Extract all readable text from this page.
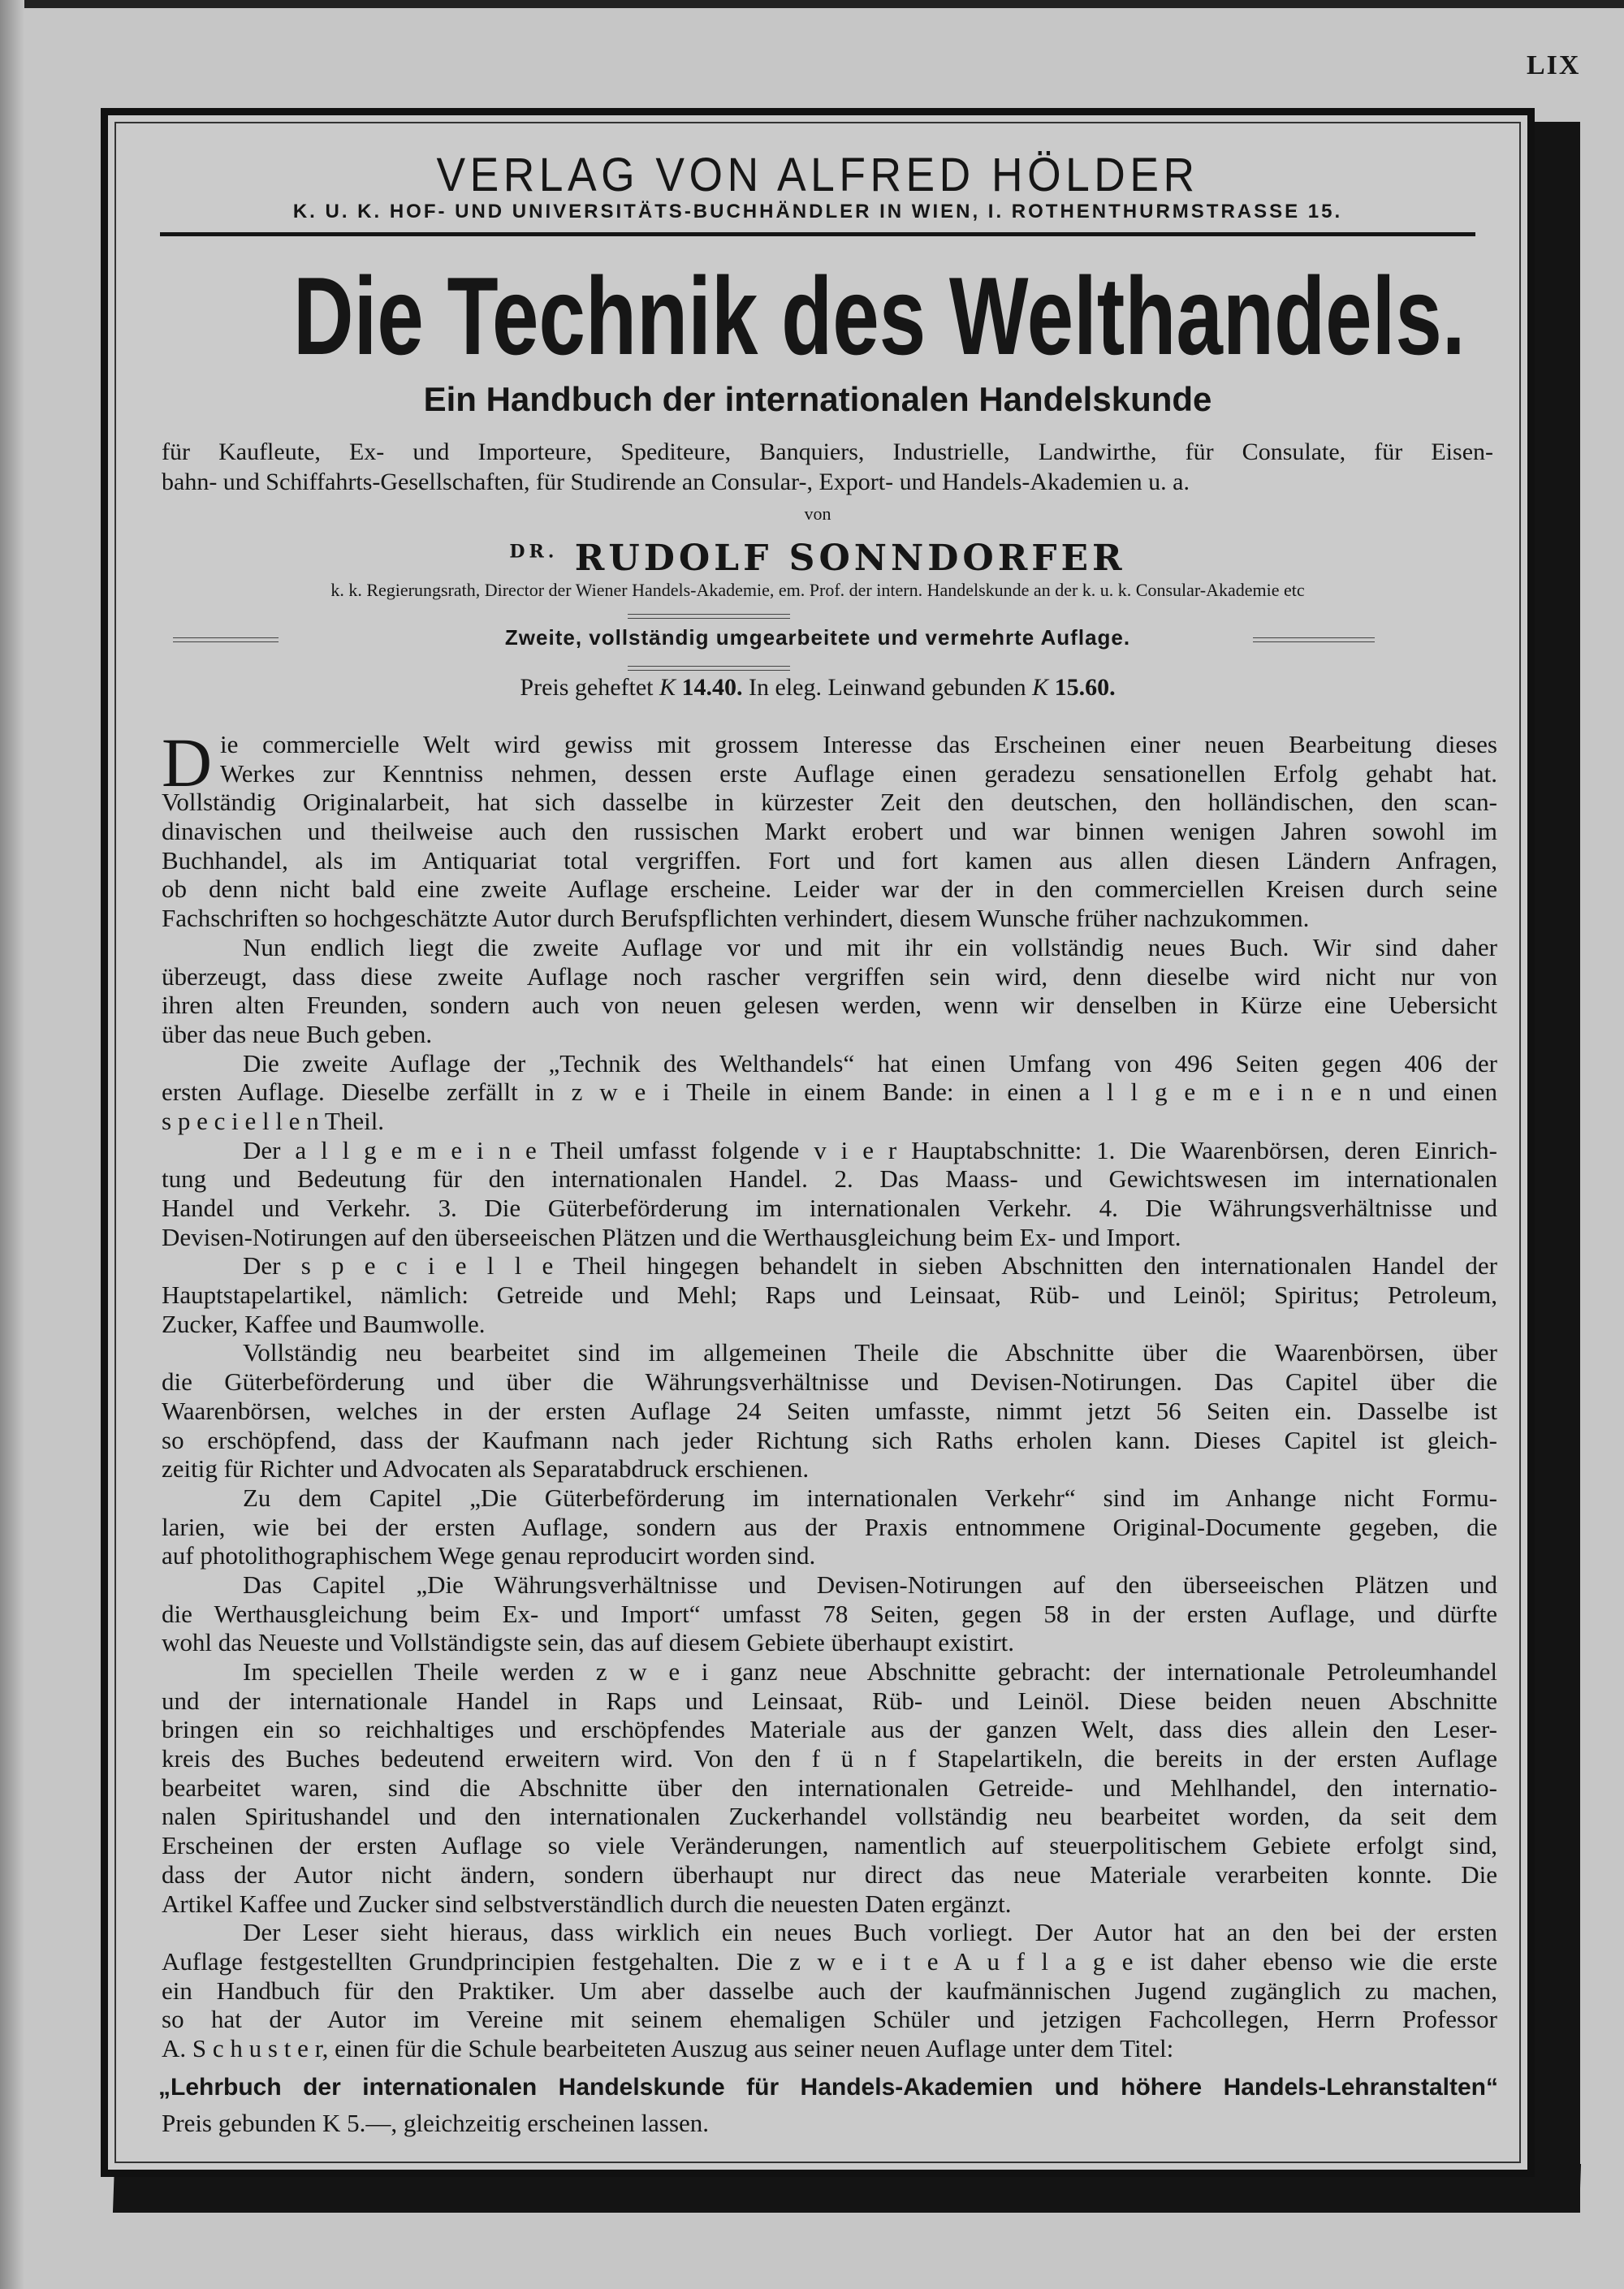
LIX
VERLAG VON ALFRED HÖLDER
K. U. K. HOF- UND UNIVERSITÄTS-BUCHHÄNDLER IN WIEN, I. ROTHENTHURMSTRASSE 15.
Die Technik des Welthandels.
Ein Handbuch der internationalen Handelskunde
für Kaufleute, Ex- und Importeure, Spediteure, Banquiers, Industrielle, Landwirthe, für Consulate, für Eisen-
bahn- und Schiffahrts-Gesellschaften, für Studirende an Consular-, Export- und Handels-Akademien u. a.
von
$^{DR.}$ RUDOLF SONNDORFER
k. k. Regierungsrath, Director der Wiener Handels-Akademie, em. Prof. der intern. Handelskunde an der k. u. k. Consular-Akademie etc
Zweite, vollständig umgearbeitete und vermehrte Auflage.
Preis geheftet K 14.40. In eleg. Leinwand gebunden K 15.60.
D ie commercielle Welt wird gewiss mit grossem Interesse das Erscheinen einer neuen Bearbeitung dieses
Werkes zur Kenntniss nehmen, dessen erste Auflage einen geradezu sensationellen Erfolg gehabt hat.
Vollständig Originalarbeit, hat sich dasselbe in kürzester Zeit den deutschen, den holländischen, den scan-
dinavischen und theilweise auch den russischen Markt erobert und war binnen wenigen Jahren sowohl im
Buchhandel, als im Antiquariat total vergriffen. Fort und fort kamen aus allen diesen Ländern Anfragen,
ob denn nicht bald eine zweite Auflage erscheine. Leider war der in den commerciellen Kreisen durch seine
Fachschriften so hochgeschätzte Autor durch Berufspflichten verhindert, diesem Wunsche früher nachzukommen.
Nun endlich liegt die zweite Auflage vor und mit ihr ein vollständig neues Buch. Wir sind daher
überzeugt, dass diese zweite Auflage noch rascher vergriffen sein wird, denn dieselbe wird nicht nur von
ihren alten Freunden, sondern auch von neuen gelesen werden, wenn wir denselben in Kürze eine Uebersicht
über das neue Buch geben.
Die zweite Auflage der „Technik des Welthandels“ hat einen Umfang von 496 Seiten gegen 406 der
ersten Auflage. Dieselbe zerfällt in z w e i Theile in einem Bande: in einen a l l g e m e i n e n und einen
s p e c i e l l e n Theil.
Der a l l g e m e i n e Theil umfasst folgende v i e r Hauptabschnitte: 1. Die Waarenbörsen, deren Einrich-
tung und Bedeutung für den internationalen Handel. 2. Das Maass- und Gewichtswesen im internationalen
Handel und Verkehr. 3. Die Güterbeförderung im internationalen Verkehr. 4. Die Währungsverhältnisse und
Devisen-Notirungen auf den überseeischen Plätzen und die Werthausgleichung beim Ex- und Import.
Der s p e c i e l l e Theil hingegen behandelt in sieben Abschnitten den internationalen Handel der
Hauptstapelartikel, nämlich: Getreide und Mehl; Raps und Leinsaat, Rüb- und Leinöl; Spiritus; Petroleum,
Zucker, Kaffee und Baumwolle.
Vollständig neu bearbeitet sind im allgemeinen Theile die Abschnitte über die Waarenbörsen, über
die Güterbeförderung und über die Währungsverhältnisse und Devisen-Notirungen. Das Capitel über die
Waarenbörsen, welches in der ersten Auflage 24 Seiten umfasste, nimmt jetzt 56 Seiten ein. Dasselbe ist
so erschöpfend, dass der Kaufmann nach jeder Richtung sich Raths erholen kann. Dieses Capitel ist gleich-
zeitig für Richter und Advocaten als Separatabdruck erschienen.
Zu dem Capitel „Die Güterbeförderung im internationalen Verkehr“ sind im Anhange nicht Formu-
larien, wie bei der ersten Auflage, sondern aus der Praxis entnommene Original-Documente gegeben, die
auf photolithographischem Wege genau reproducirt worden sind.
Das Capitel „Die Währungsverhältnisse und Devisen-Notirungen auf den überseeischen Plätzen und
die Werthausgleichung beim Ex- und Import“ umfasst 78 Seiten, gegen 58 in der ersten Auflage, und dürfte
wohl das Neueste und Vollständigste sein, das auf diesem Gebiete überhaupt existirt.
Im speciellen Theile werden z w e i ganz neue Abschnitte gebracht: der internationale Petroleumhandel
und der internationale Handel in Raps und Leinsaat, Rüb- und Leinöl. Diese beiden neuen Abschnitte
bringen ein so reichhaltiges und erschöpfendes Materiale aus der ganzen Welt, dass dies allein den Leser-
kreis des Buches bedeutend erweitern wird. Von den f ü n f Stapelartikeln, die bereits in der ersten Auflage
bearbeitet waren, sind die Abschnitte über den internationalen Getreide- und Mehlhandel, den internatio-
nalen Spiritushandel und den internationalen Zuckerhandel vollständig neu bearbeitet worden, da seit dem
Erscheinen der ersten Auflage so viele Veränderungen, namentlich auf steuerpolitischem Gebiete erfolgt sind,
dass der Autor nicht ändern, sondern überhaupt nur direct das neue Materiale verarbeiten konnte. Die
Artikel Kaffee und Zucker sind selbstverständlich durch die neuesten Daten ergänzt.
Der Leser sieht hieraus, dass wirklich ein neues Buch vorliegt. Der Autor hat an den bei der ersten
Auflage festgestellten Grundprincipien festgehalten. Die z w e i t e A u f l a g e ist daher ebenso wie die erste
ein Handbuch für den Praktiker. Um aber dasselbe auch der kaufmännischen Jugend zugänglich zu machen,
so hat der Autor im Vereine mit seinem ehemaligen Schüler und jetzigen Fachcollegen, Herrn Professor
A. S c h u s t e r, einen für die Schule bearbeiteten Auszug aus seiner neuen Auflage unter dem Titel:
„Lehrbuch der internationalen Handelskunde für Handels-Akademien und höhere Handels-Lehranstalten“
Preis gebunden K 5.—, gleichzeitig erscheinen lassen.
